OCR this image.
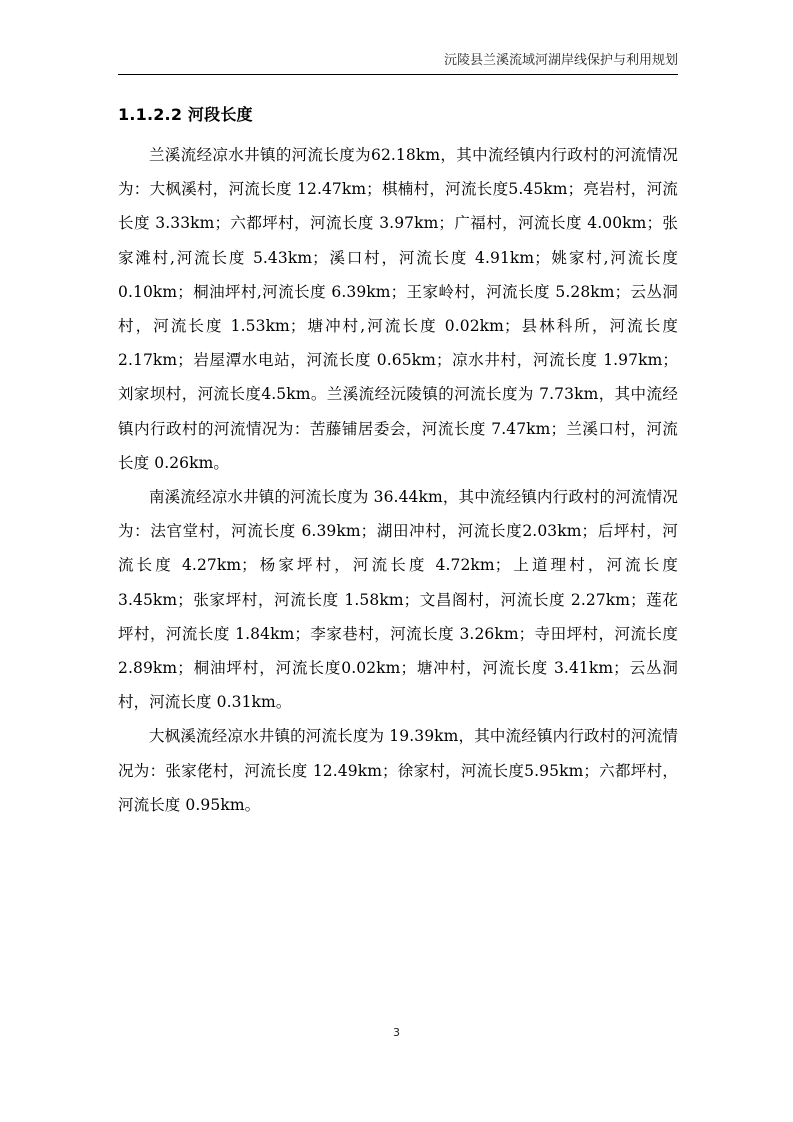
沅陵县兰溪流域河湖岸线保护与利用规划
1.1.2.2 河段长度

兰溪流经凉水井镇的河流长度为62.18km，其中流经镇内行政村的河流情况为：大枫溪村，河流长度 12.47km；棋楠村，河流长度5.45km；亮岩村，河流长度 3.33km；六都坪村，河流长度 3.97km；广福村，河流长度 4.00km；张家滩村,河流长度 5.43km；溪口村，河流长度 4.91km；姚家村,河流长度 0.10km；桐油坪村,河流长度 6.39km；王家岭村，河流长度 5.28km；云丛洞村，河流长度 1.53km；塘冲村,河流长度 0.02km；县林科所，河流长度 2.17km；岩屋潭水电站，河流长度 0.65km；凉水井村，河流长度 1.97km；刘家坝村，河流长度4.5km。兰溪流经沅陵镇的河流长度为 7.73km，其中流经镇内行政村的河流情况为：苦藤铺居委会，河流长度 7.47km；兰溪口村，河流长度 0.26km。

南溪流经凉水井镇的河流长度为 36.44km，其中流经镇内行政村的河流情况为：法官堂村，河流长度 6.39km；湖田冲村，河流长度2.03km；后坪村，河流长度 4.27km；杨家坪村，河流长度 4.72km；上道理村，河流长度 3.45km；张家坪村，河流长度 1.58km；文昌阁村，河流长度 2.27km；莲花坪村，河流长度 1.84km；李家巷村，河流长度 3.26km；寺田坪村，河流长度 2.89km；桐油坪村，河流长度0.02km；塘冲村，河流长度 3.41km；云丛洞村，河流长度 0.31km。

大枫溪流经凉水井镇的河流长度为 19.39km，其中流经镇内行政村的河流情况为：张家佬村，河流长度 12.49km；徐家村，河流长度5.95km；六都坪村，河流长度 0.95km。

3
